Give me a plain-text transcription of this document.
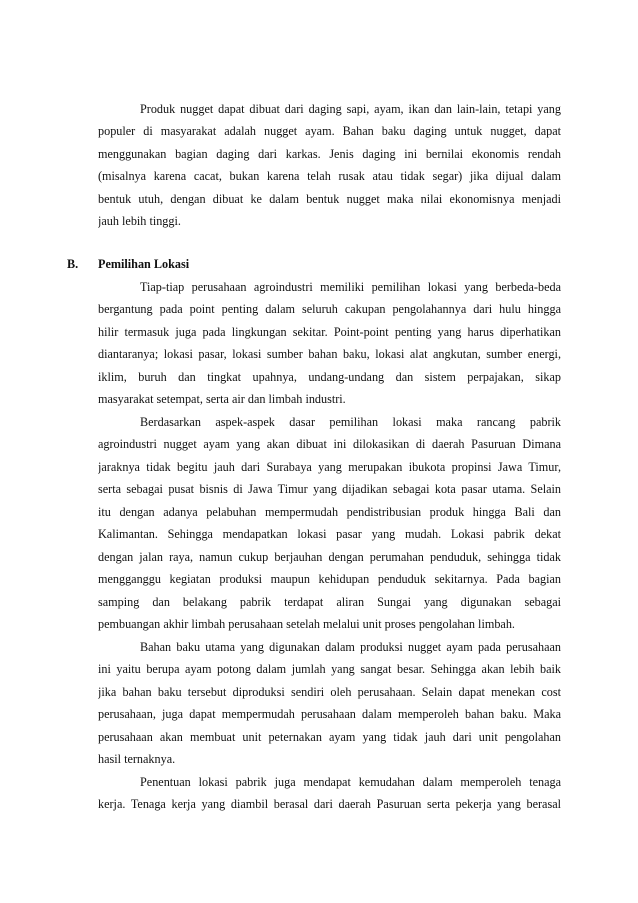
Produk nugget dapat dibuat dari daging sapi, ayam, ikan dan lain-lain, tetapi yang
populer di masyarakat adalah nugget ayam. Bahan baku daging untuk nugget, dapat
menggunakan bagian daging dari karkas. Jenis daging ini bernilai ekonomis rendah
(misalnya karena cacat, bukan karena telah rusak atau tidak segar) jika dijual dalam
bentuk utuh, dengan dibuat ke dalam bentuk nugget maka nilai ekonomisnya menjadi
jauh lebih tinggi.
B. Pemilihan Lokasi
Tiap-tiap perusahaan agroindustri memiliki pemilihan lokasi yang berbeda-beda
bergantung pada point penting dalam seluruh cakupan pengolahannya dari hulu hingga
hilir termasuk juga pada lingkungan sekitar. Point-point penting yang harus diperhatikan
diantaranya; lokasi pasar, lokasi sumber bahan baku, lokasi alat angkutan, sumber energi,
iklim, buruh dan tingkat upahnya, undang-undang dan sistem perpajakan, sikap
masyarakat setempat, serta air dan limbah industri.
Berdasarkan aspek-aspek dasar pemilihan lokasi maka rancang pabrik
agroindustri nugget ayam yang akan dibuat ini dilokasikan di daerah Pasuruan Dimana
jaraknya tidak begitu jauh dari Surabaya yang merupakan ibukota propinsi Jawa Timur,
serta sebagai pusat bisnis di Jawa Timur yang dijadikan sebagai kota pasar utama. Selain
itu dengan adanya pelabuhan mempermudah pendistribusian produk hingga Bali dan
Kalimantan. Sehingga mendapatkan lokasi pasar yang mudah. Lokasi pabrik dekat
dengan jalan raya, namun cukup berjauhan dengan perumahan penduduk, sehingga tidak
mengganggu kegiatan produksi maupun kehidupan penduduk sekitarnya. Pada bagian
samping dan belakang pabrik terdapat aliran Sungai yang digunakan sebagai
pembuangan akhir limbah perusahaan setelah melalui unit proses pengolahan limbah.
Bahan baku utama yang digunakan dalam produksi nugget ayam pada perusahaan
ini yaitu berupa ayam potong dalam jumlah yang sangat besar. Sehingga akan lebih baik
jika bahan baku tersebut diproduksi sendiri oleh perusahaan. Selain dapat menekan cost
perusahaan, juga dapat mempermudah perusahaan dalam memperoleh bahan baku. Maka
perusahaan akan membuat unit peternakan ayam yang tidak jauh dari unit pengolahan
hasil ternaknya.
Penentuan lokasi pabrik juga mendapat kemudahan dalam memperoleh tenaga
kerja. Tenaga kerja yang diambil berasal dari daerah Pasuruan serta pekerja yang berasal
